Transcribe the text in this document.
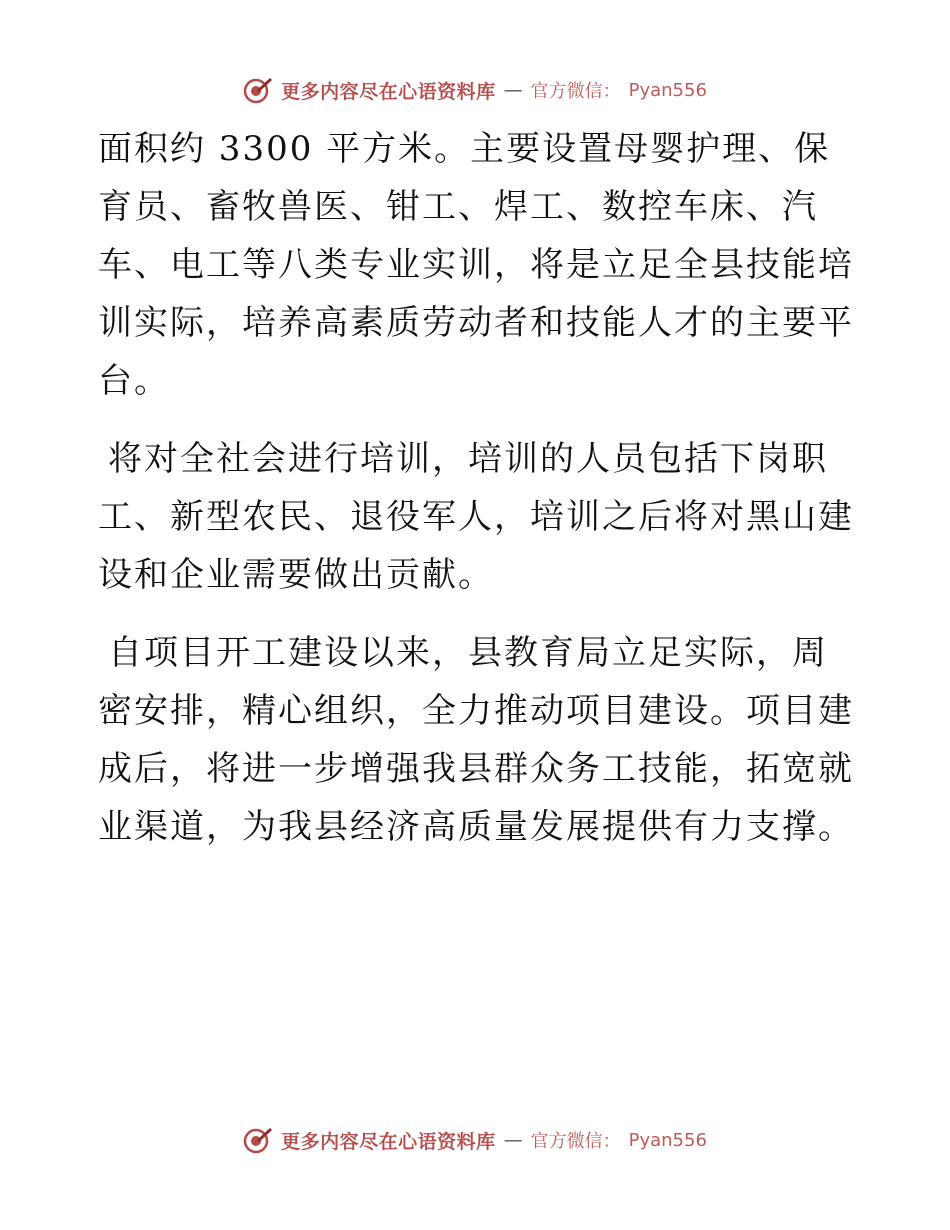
更多内容尽在心语资料库 — 官方微信： Pyan556

面积约 3300 平方米。主要设置母婴护理、保育员、畜牧兽医、钳工、焊工、数控车床、汽车、电工等八类专业实训，将是立足全县技能培训实际，培养高素质劳动者和技能人才的主要平台。

将对全社会进行培训，培训的人员包括下岗职工、新型农民、退役军人，培训之后将对黑山建设和企业需要做出贡献。

自项目开工建设以来，县教育局立足实际，周密安排，精心组织，全力推动项目建设。项目建成后，将进一步增强我县群众务工技能，拓宽就业渠道，为我县经济高质量发展提供有力支撑。

更多内容尽在心语资料库 — 官方微信： Pyan556
